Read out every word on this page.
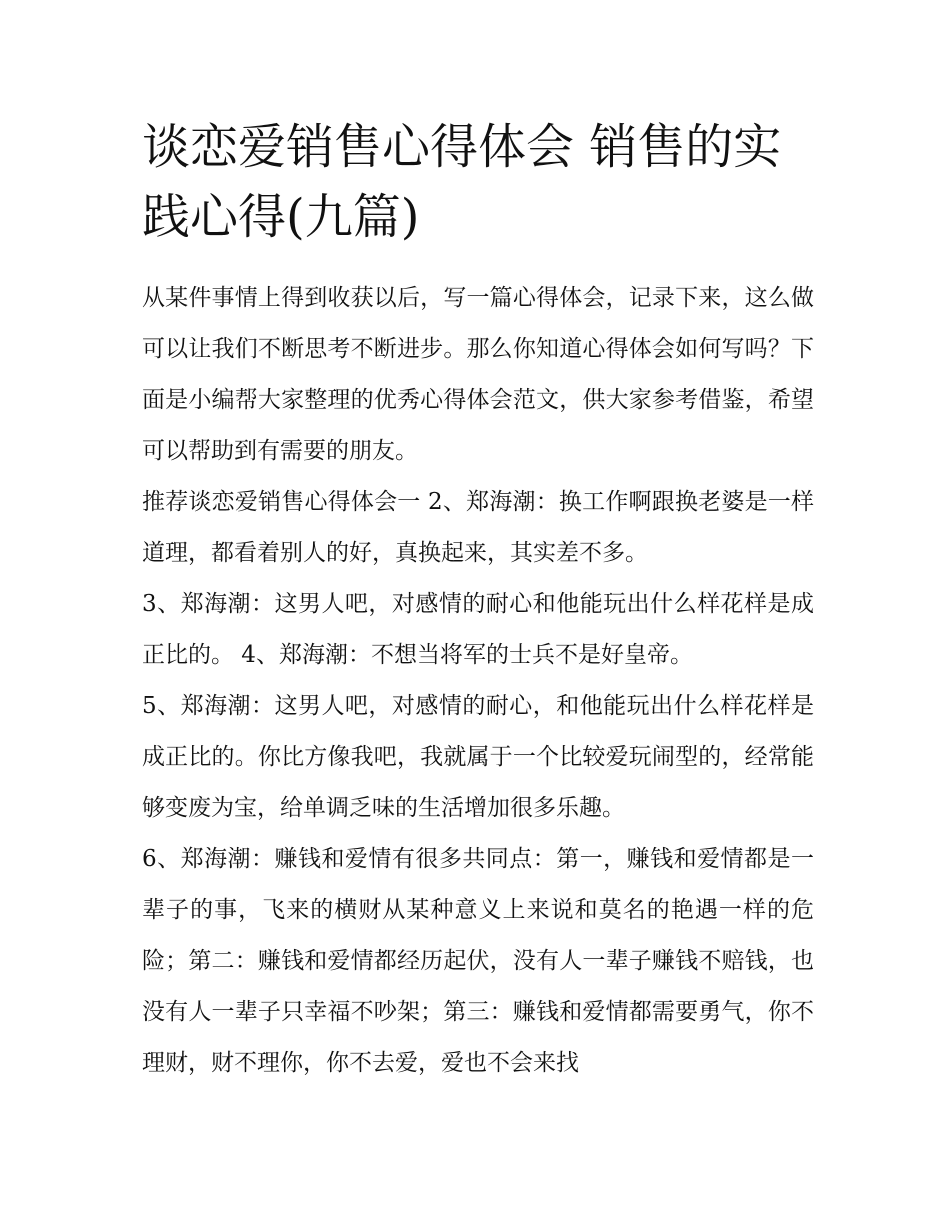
谈恋爱销售心得体会 销售的实践心得(九篇)

从某件事情上得到收获以后，写一篇心得体会，记录下来，这么做可以让我们不断思考不断进步。那么你知道心得体会如何写吗？下面是小编帮大家整理的优秀心得体会范文，供大家参考借鉴，希望可以帮助到有需要的朋友。

推荐谈恋爱销售心得体会一 2、郑海潮：换工作啊跟换老婆是一样道理，都看着别人的好，真换起来，其实差不多。

3、郑海潮：这男人吧，对感情的耐心和他能玩出什么样花样是成正比的。 4、郑海潮：不想当将军的士兵不是好皇帝。

5、郑海潮：这男人吧，对感情的耐心，和他能玩出什么样花样是成正比的。你比方像我吧，我就属于一个比较爱玩闹型的，经常能够变废为宝，给单调乏味的生活增加很多乐趣。

6、郑海潮：赚钱和爱情有很多共同点：第一，赚钱和爱情都是一辈子的事，飞来的横财从某种意义上来说和莫名的艳遇一样的危险；第二：赚钱和爱情都经历起伏，没有人一辈子赚钱不赔钱，也没有人一辈子只幸福不吵架；第三：赚钱和爱情都需要勇气，你不理财，财不理你，你不去爱，爱也不会来找
